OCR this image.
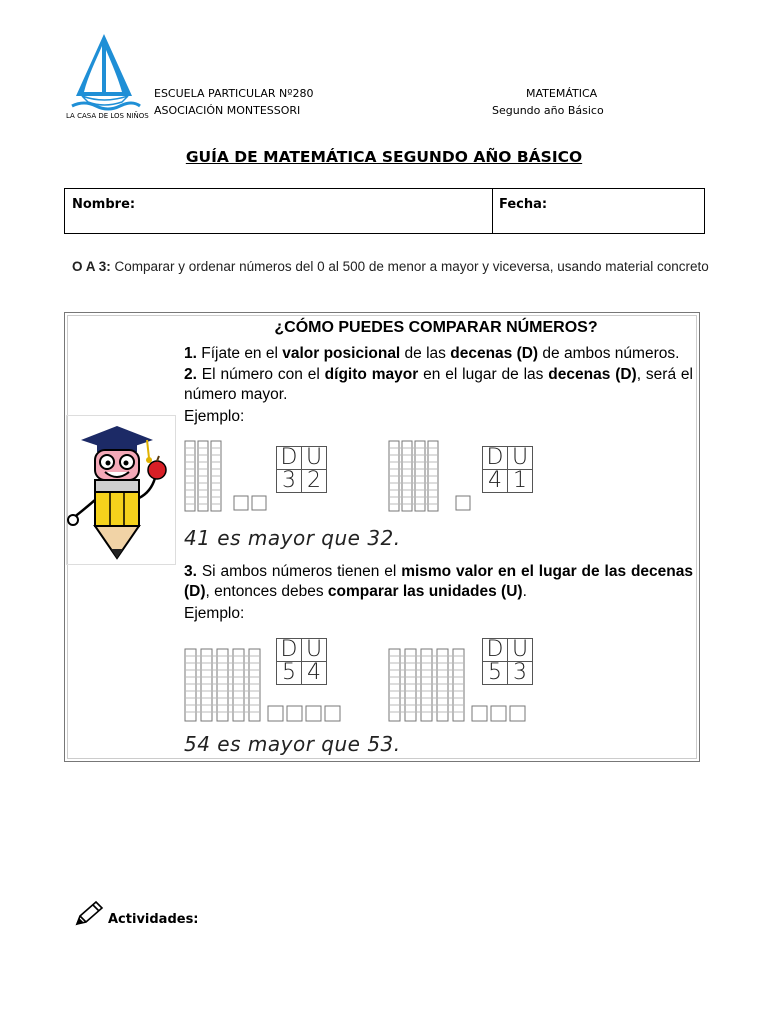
LA CASA DE LOS NIÑOS
ESCUELA PARTICULAR Nº280
ASOCIACIÓN MONTESSORI
MATEMÁTICA
Segundo año Básico
GUÍA DE MATEMÁTICA SEGUNDO AÑO BÁSICO
Nombre:	Fecha:
O A 3: Comparar y ordenar números del 0 al 500 de menor a mayor y viceversa, usando material concreto
¿CÓMO PUEDES COMPARAR NÚMEROS?
1. Fíjate en el valor posicional de las decenas (D) de ambos números.
2. El número con el dígito mayor en el lugar de las decenas (D), será el número mayor.
Ejemplo:
D	U
3	2
D	U
4	1
41 es mayor que 32.
3. Si ambos números tienen el mismo valor en el lugar de las decenas (D), entonces debes comparar las unidades (U).
Ejemplo:
D	U
5	4
D	U
5	3
54 es mayor que 53.
Actividades:
